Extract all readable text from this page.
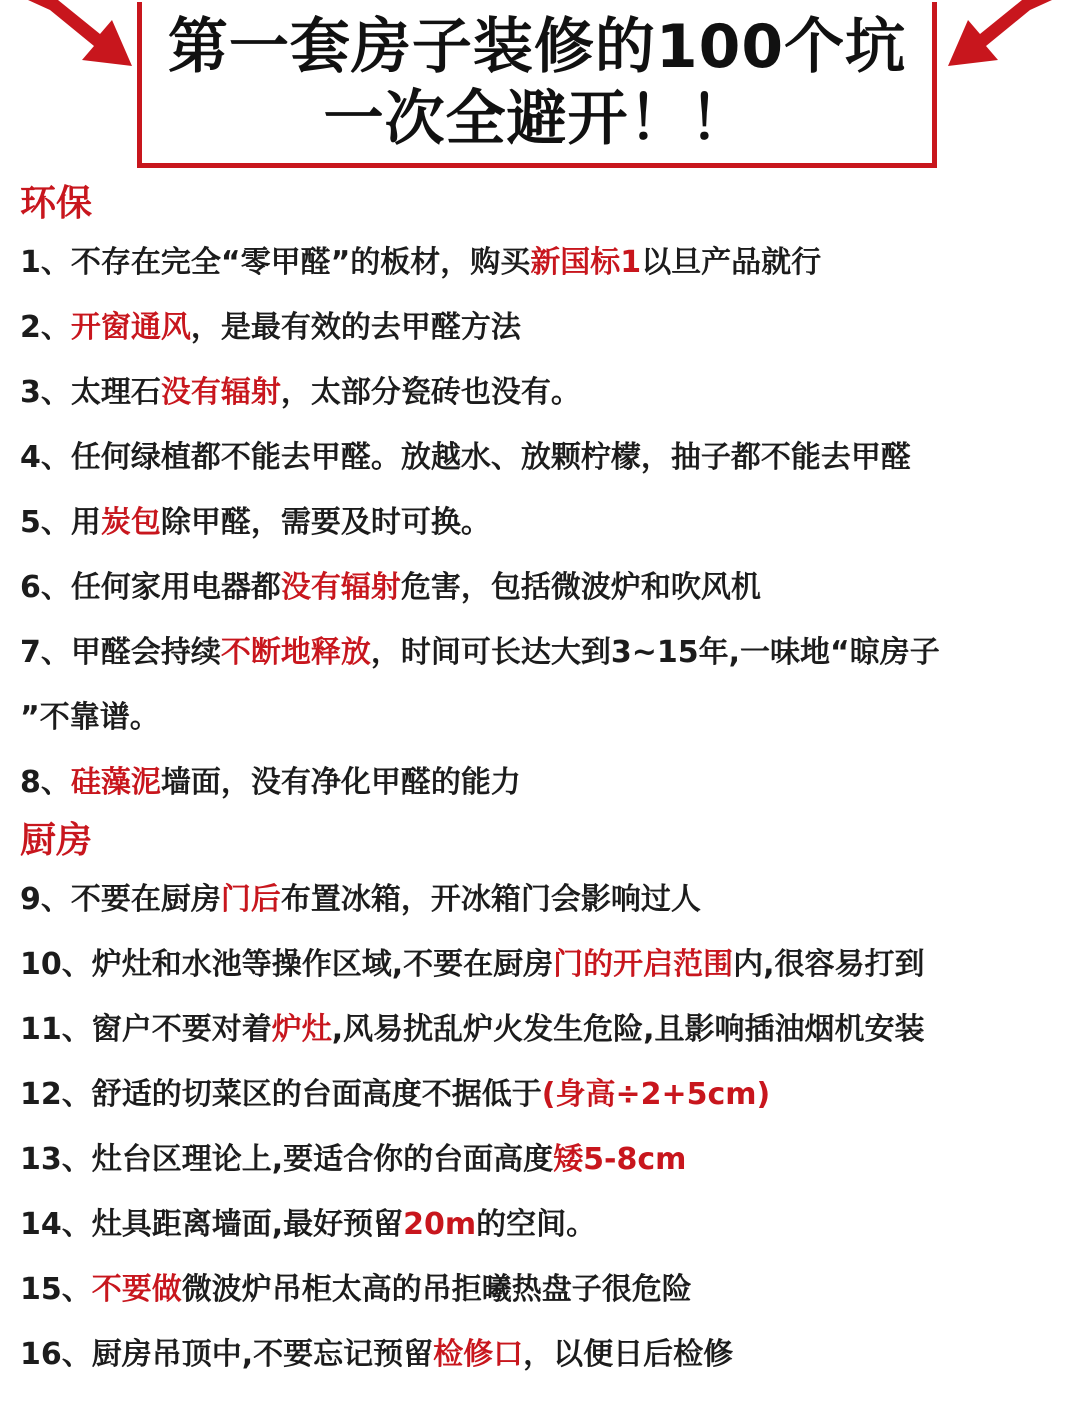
第一套房子装修的100个坑
一次全避开！！
环保
1、不存在完全“零甲醛”的板材，购买新国标1以旦产品就行
2、开窗通风，是最有效的去甲醛方法
3、太理石没有辐射，太部分瓷砖也没有。
4、任何绿植都不能去甲醛。放越水、放颗柠檬，抽子都不能去甲醛
5、用炭包除甲醛，需要及时可换。
6、任何家用电器都没有辐射危害，包括微波炉和吹风机
7、甲醛会持续不断地释放，时间可长达大到3~15年,一味地“晾房子
”不靠谱。
8、硅藻泥墙面，没有净化甲醛的能力
厨房
9、不要在厨房门后布置冰箱，开冰箱门会影响过人
10、炉灶和水池等操作区域,不要在厨房门的开启范围内,很容易打到
11、窗户不要对着炉灶,风易扰乱炉火发生危险,且影响插油烟机安装
12、舒适的切菜区的台面高度不据低于(身高÷2+5cm)
13、灶台区理论上,要适合你的台面高度矮5-8cm
14、灶具距离墙面,最好预留20m的空间。
15、不要做微波炉吊柜太高的吊拒曦热盘子很危险
16、厨房吊顶中,不要忘记预留检修口，以便日后检修
